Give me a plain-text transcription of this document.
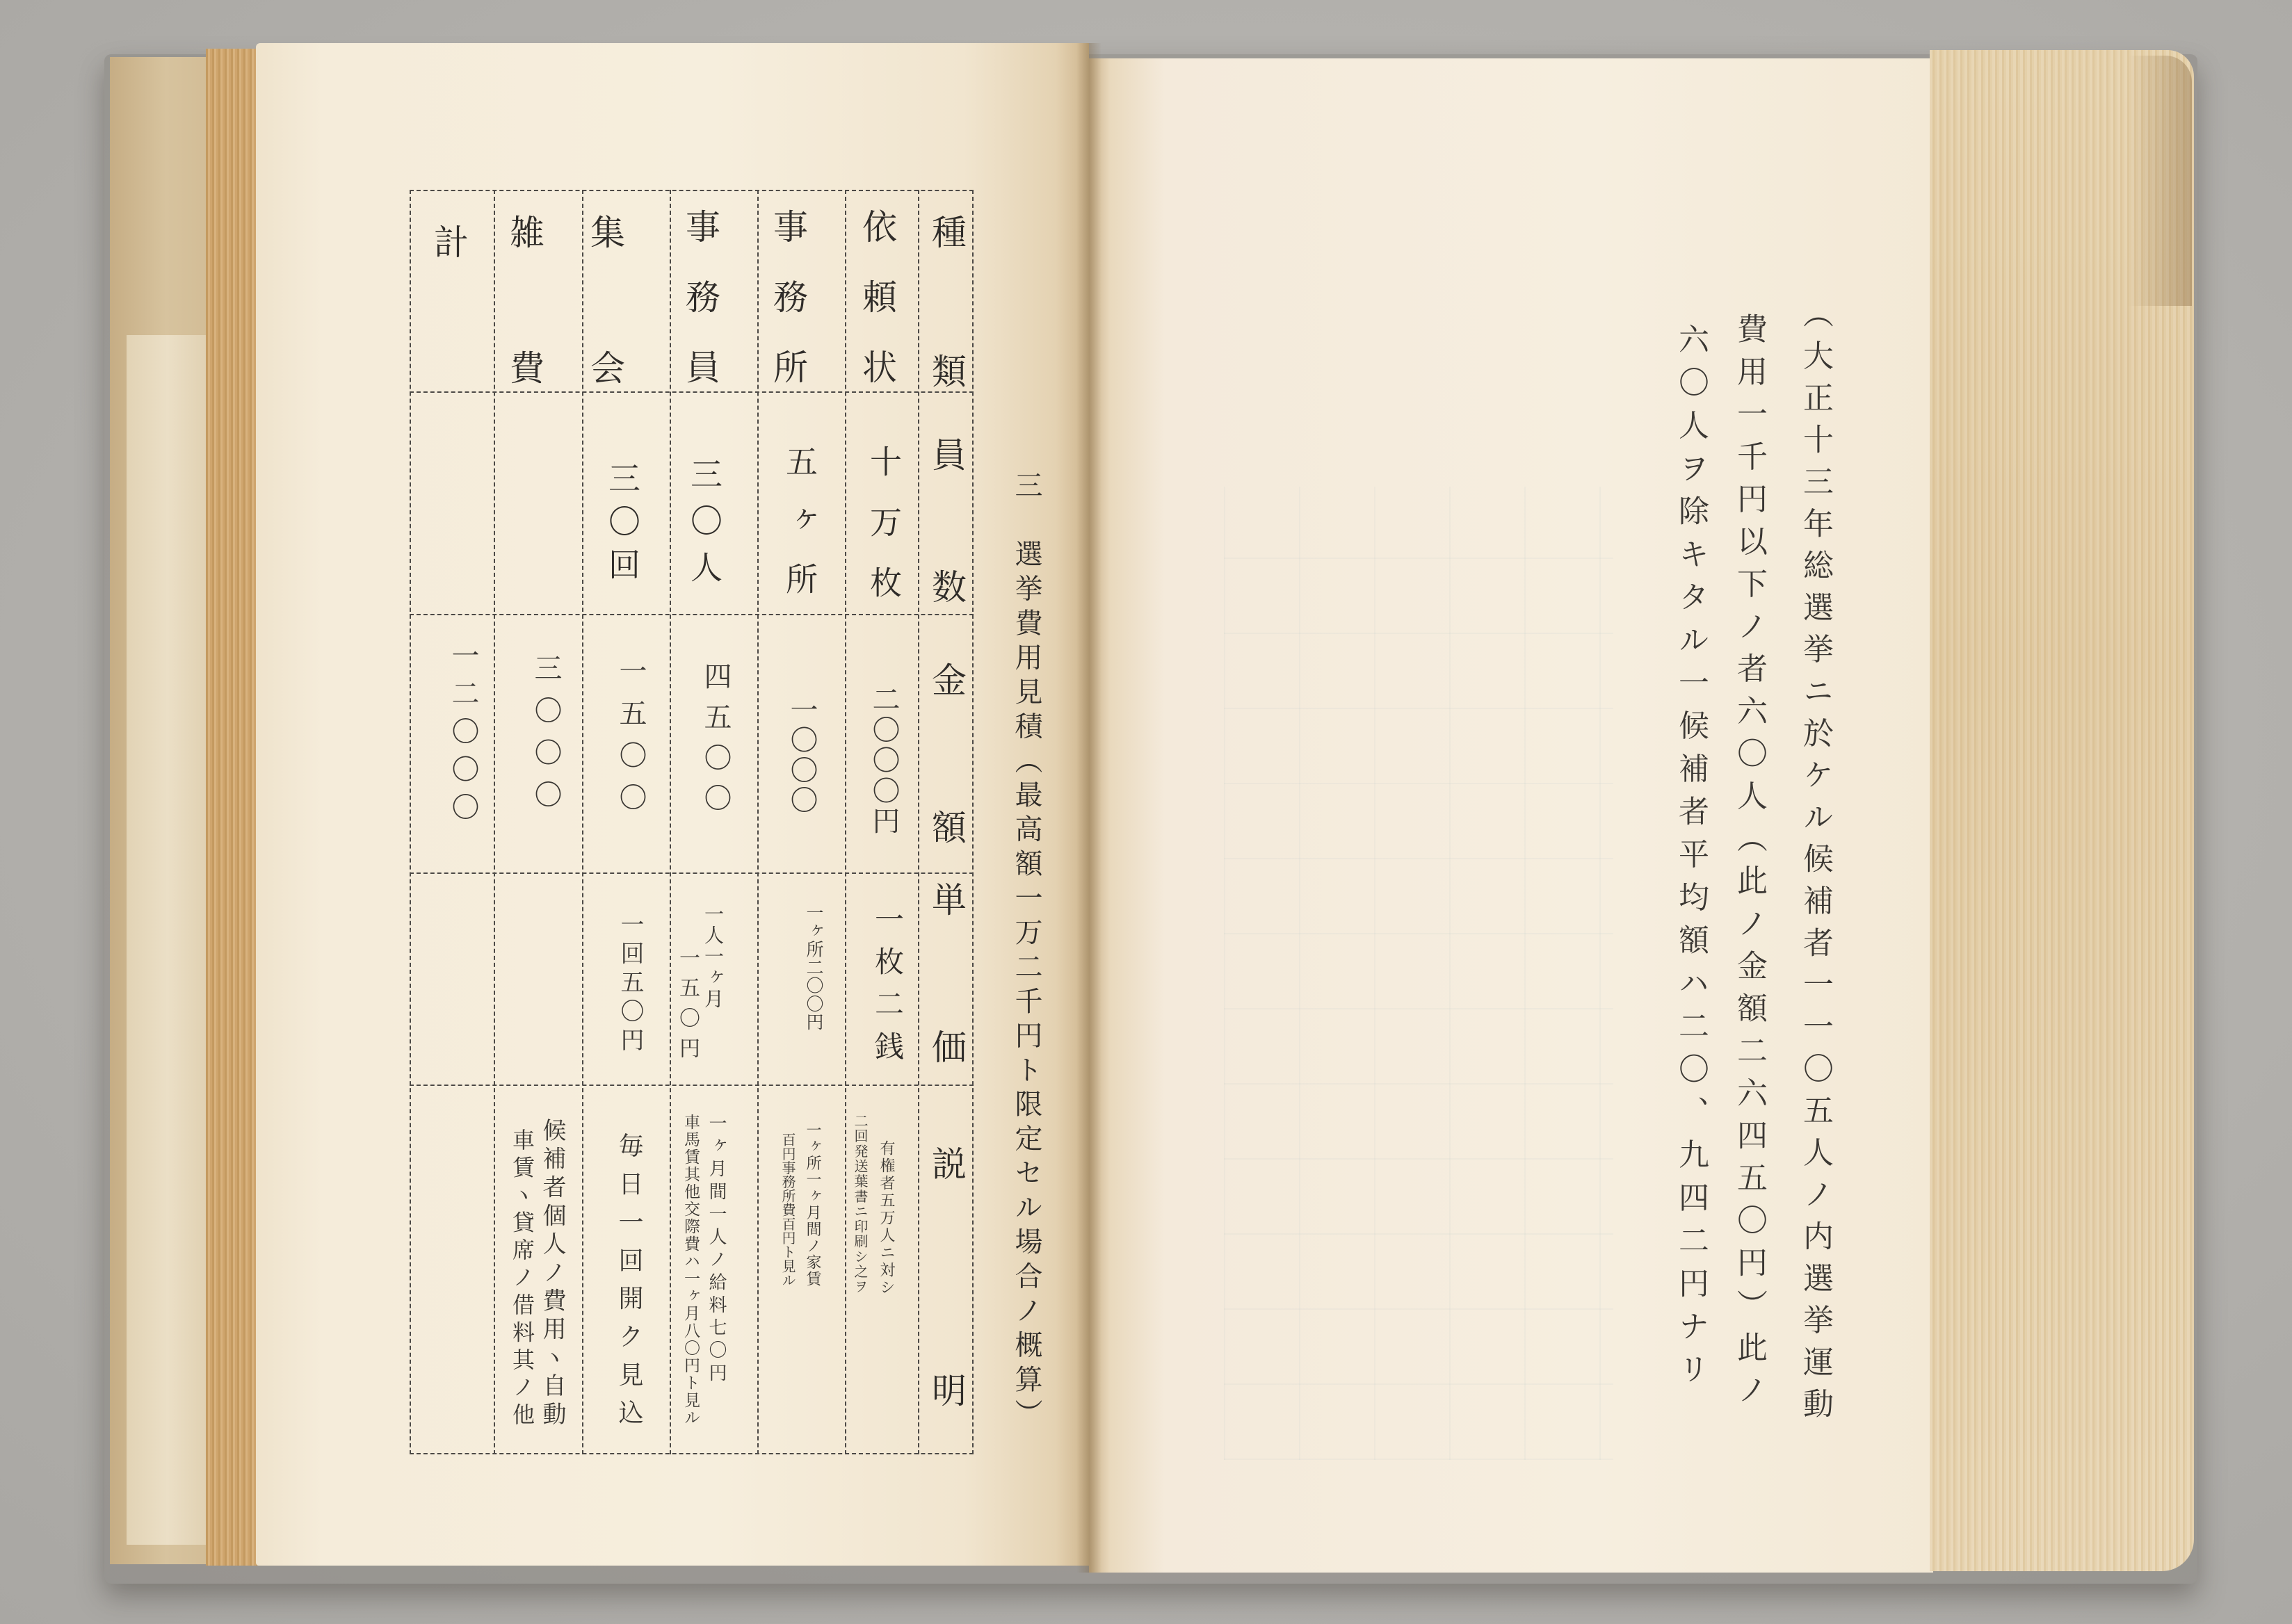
三　選挙費用見積（最高額一万二千円ト限定セル場合ノ概算）
種類
員数
金額
単価
説明
依頼状
十万枚
二〇〇〇円
一枚二銭
有権者五万人ニ対シ
二回発送葉書ニ印刷シ之ヲ
事務所
五ヶ所
一〇〇〇
一ヶ所二〇〇円
一ヶ所一ヶ月間ノ家賃
百円事務所費百円ト見ル
事務員
三〇人
四五〇〇
一人一ヶ月
一五〇円
一ヶ月間一人ノ給料七〇円
車馬賃其他交際費ハ一ヶ月八〇円ト見ル
集会
三〇回
一五〇〇
一回五〇円
毎日一回開ク見込
雑費
三〇〇〇
候補者個人ノ費用ヽ自動
車賃ヽ貸席ノ借料其ノ他
計
一二〇〇〇	（大正十三年総選挙ニ於ケル候補者一一〇五人ノ内選挙運動
費用一千円以下ノ者六〇人（此ノ金額二六四五〇円）此ノ
六〇人ヲ除キタル一候補者平均額ハ二〇、九四二円ナリ
